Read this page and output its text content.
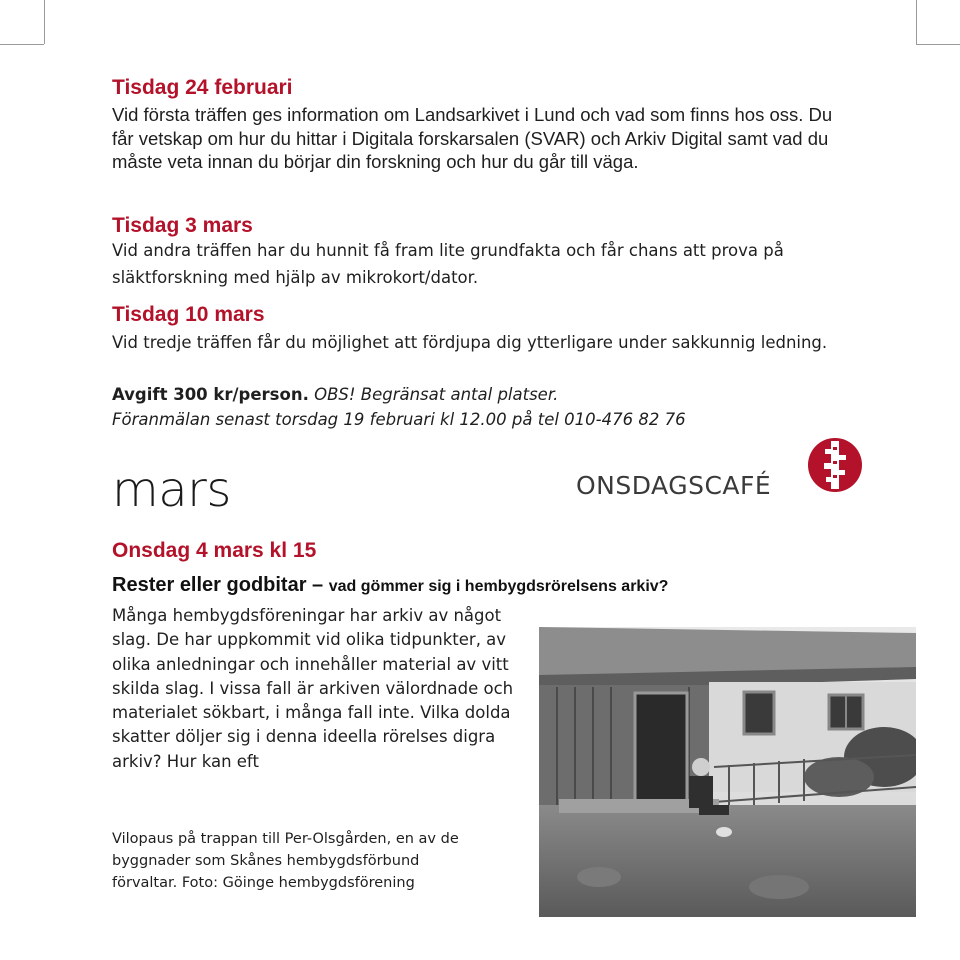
Tisdag 24 februari

Vid första träffen ges information om Landsarkivet i Lund och vad som finns hos oss. Du får vetskap om hur du hittar i Digitala forskarsalen (SVAR) och Arkiv Digital samt vad du måste veta innan du börjar din forskning och hur du går till väga.

Tisdag 3 mars

Vid andra träffen har du hunnit få fram lite grundfakta och får chans att prova på släktforskning med hjälp av mikrokort/dator.

Tisdag 10 mars

Vid tredje träffen får du möjlighet att fördjupa dig ytterligare under sakkunnig ledning.

Avgift 300 kr/person. OBS! Begränsat antal platser.

Föranmälan senast torsdag 19 februari kl 12.00 på tel 010-476 82 76

mars	ONSDAGSCAFÉ
Onsdag 4 mars kl 15

Rester eller godbitar – vad gömmer sig i hembygdsrörelsens arkiv?

Många hembygdsföreningar har arkiv av något slag. De har uppkommit vid olika tidpunkter, av olika anledningar och innehåller material av vitt skilda slag. I vissa fall är arkiven välordnade och materialet sökbart, i många fall inte. Vilka dolda skatter döljer sig i denna ideella rörelses digra arkiv? Hur kan eft

Vilopaus på trappan till Per-Olsgården, en av de byggnader som Skånes hembygdsförbund förvaltar. Foto: Göinge hembygdsförening
